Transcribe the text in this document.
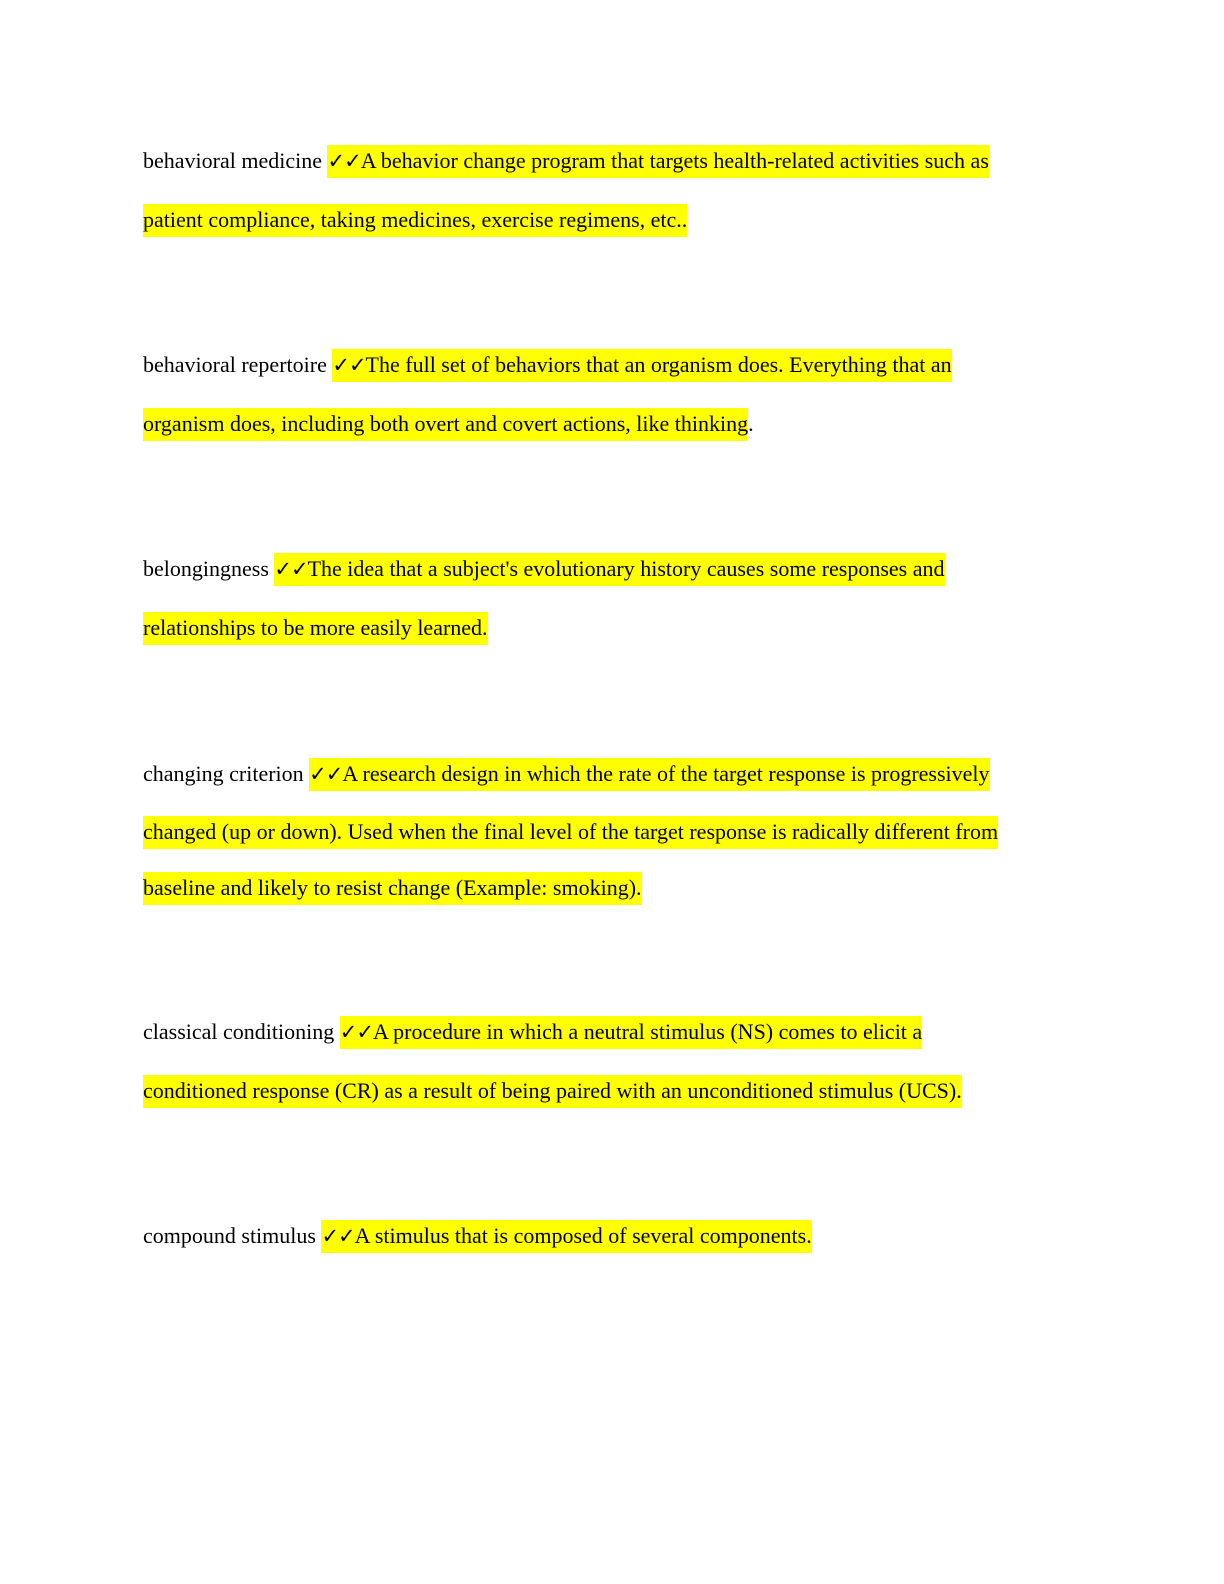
behavioral medicine ✓✓A behavior change program that targets health-related activities such as
patient compliance, taking medicines, exercise regimens, etc..
behavioral repertoire ✓✓The full set of behaviors that an organism does. Everything that an
organism does, including both overt and covert actions, like thinking.
belongingness ✓✓The idea that a subject's evolutionary history causes some responses and
relationships to be more easily learned.
changing criterion ✓✓A research design in which the rate of the target response is progressively
changed (up or down). Used when the final level of the target response is radically different from
baseline and likely to resist change (Example: smoking).
classical conditioning ✓✓A procedure in which a neutral stimulus (NS) comes to elicit a
conditioned response (CR) as a result of being paired with an unconditioned stimulus (UCS).
compound stimulus ✓✓A stimulus that is composed of several components.
